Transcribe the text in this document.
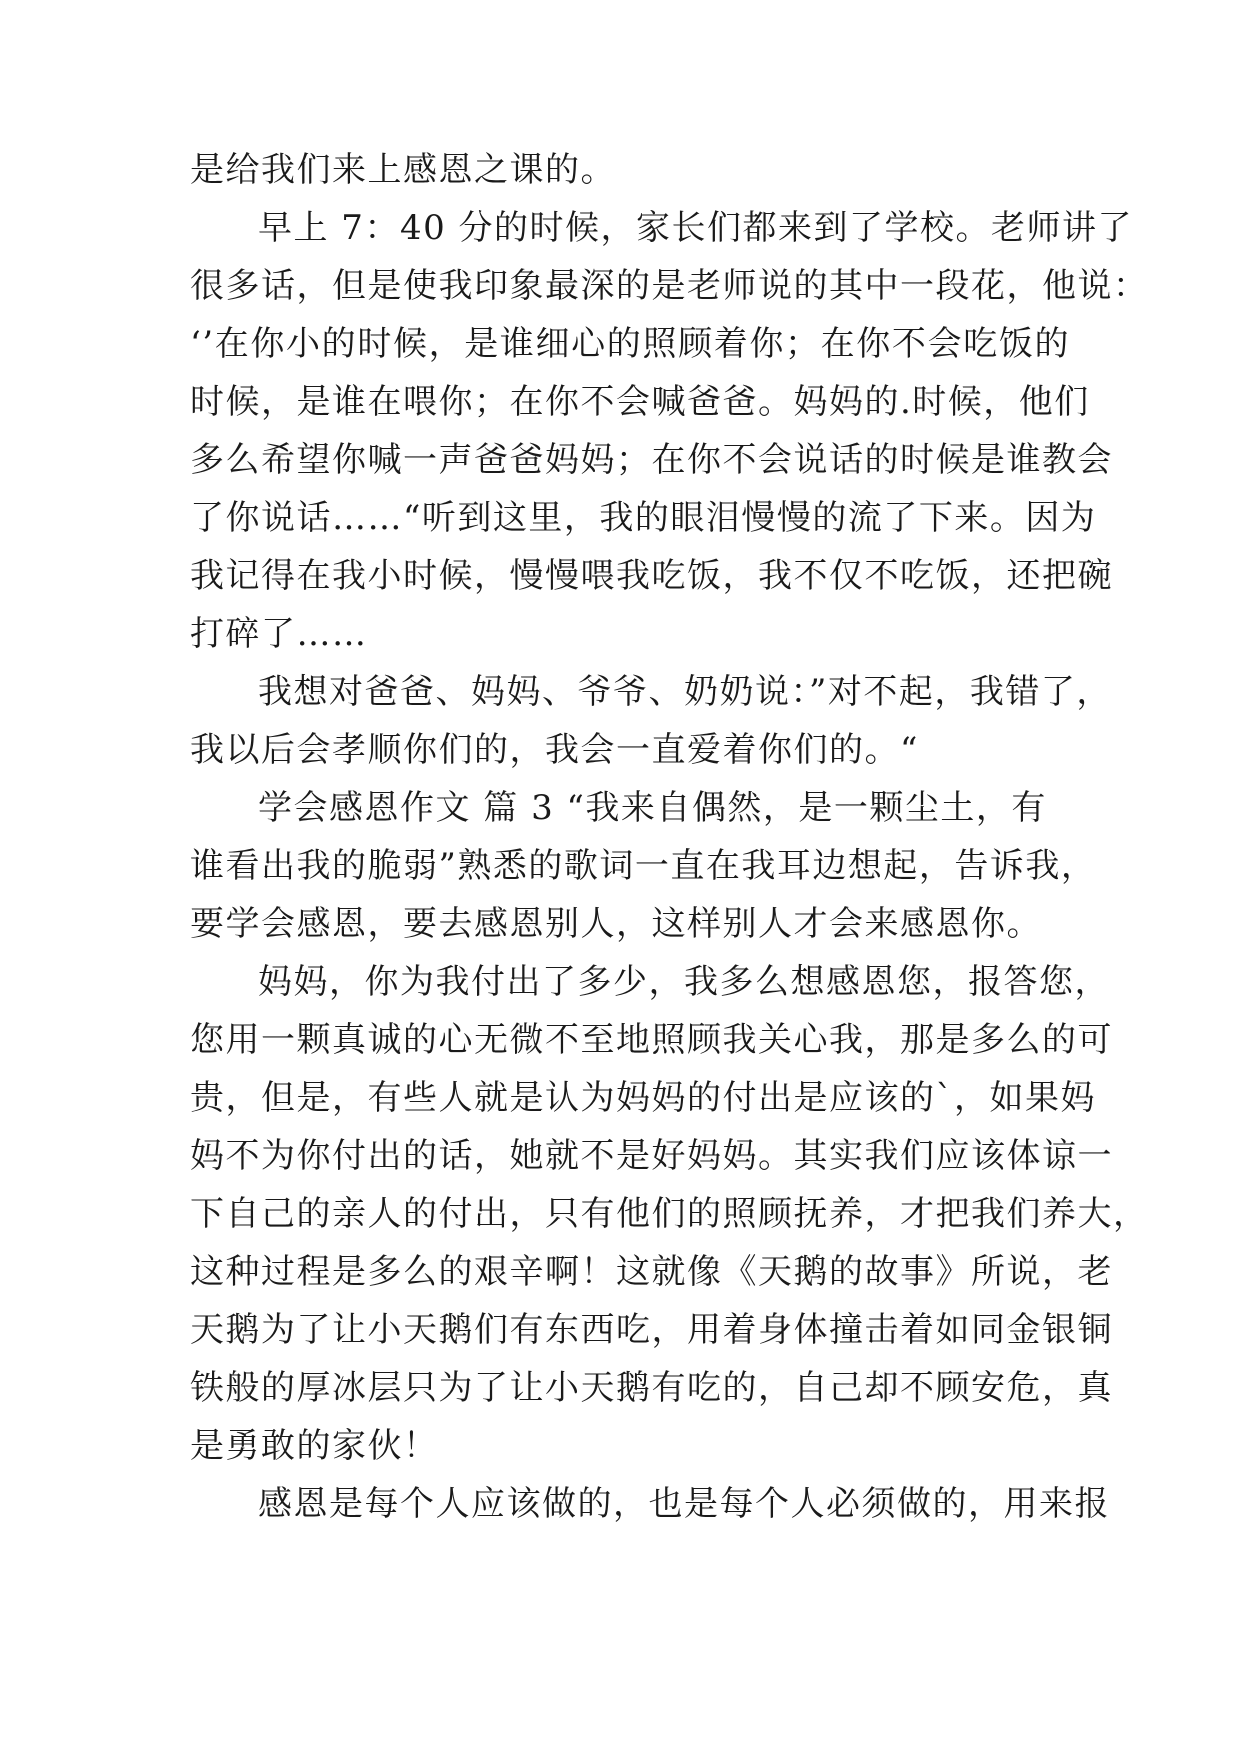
是给我们来上感恩之课的。
早上 7：40 分的时候，家长们都来到了学校。老师讲了
很多话，但是使我印象最深的是老师说的其中一段花，他说：
‘’在你小的时候，是谁细心的照顾着你；在你不会吃饭的
时候，是谁在喂你；在你不会喊爸爸。妈妈的.时候，他们
多么希望你喊一声爸爸妈妈；在你不会说话的时候是谁教会
了你说话……“听到这里，我的眼泪慢慢的流了下来。因为
我记得在我小时候，慢慢喂我吃饭，我不仅不吃饭，还把碗
打碎了……
我想对爸爸、妈妈、爷爷、奶奶说：”对不起，我错了，
我以后会孝顺你们的，我会一直爱着你们的。“
学会感恩作文 篇 3 “我来自偶然，是一颗尘土，有
谁看出我的脆弱”熟悉的歌词一直在我耳边想起，告诉我，
要学会感恩，要去感恩别人，这样别人才会来感恩你。
妈妈，你为我付出了多少，我多么想感恩您，报答您，
您用一颗真诚的心无微不至地照顾我关心我，那是多么的可
贵，但是，有些人就是认为妈妈的付出是应该的`，如果妈
妈不为你付出的话，她就不是好妈妈。其实我们应该体谅一
下自己的亲人的付出，只有他们的照顾抚养，才把我们养大，
这种过程是多么的艰辛啊！这就像《天鹅的故事》所说，老
天鹅为了让小天鹅们有东西吃，用着身体撞击着如同金银铜
铁般的厚冰层只为了让小天鹅有吃的，自己却不顾安危，真
是勇敢的家伙！
感恩是每个人应该做的，也是每个人必须做的，用来报
